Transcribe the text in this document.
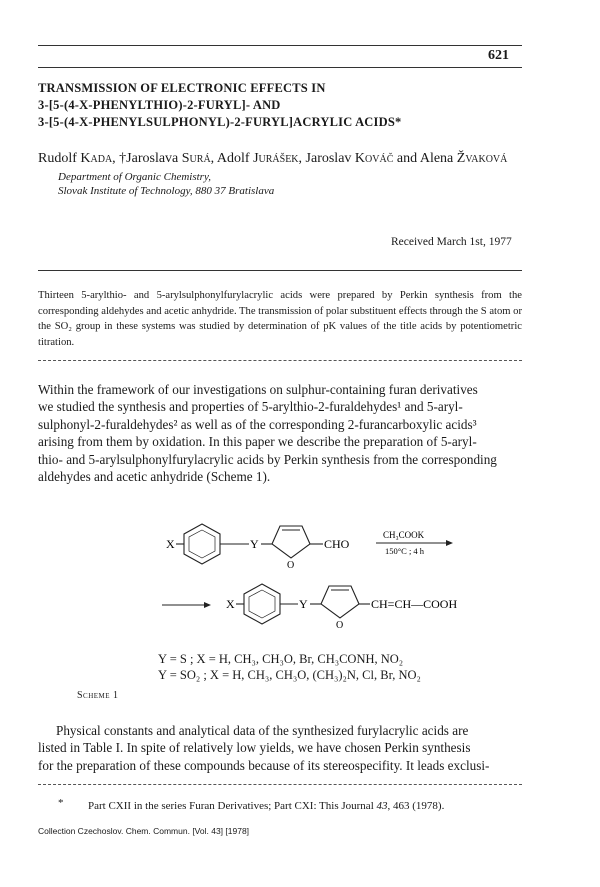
621
TRANSMISSION OF ELECTRONIC EFFECTS IN
3-[5-(4-X-PHENYLTHIO)-2-FURYL]- AND
3-[5-(4-X-PHENYLSULPHONYL)-2-FURYL]ACRYLIC ACIDS*
Rudolf Kada, †Jaroslava Surá, Adolf Jurášek, Jaroslav Kováč and Alena Žvaková
Department of Organic Chemistry,
Slovak Institute of Technology, 880 37 Bratislava
Received March 1st, 1977
Thirteen 5-arylthio- and 5-arylsulphonylfurylacrylic acids were prepared by Perkin synthesis from the corresponding aldehydes and acetic anhydride. The transmission of polar substituent effects through the S atom or the SO₂ group in these systems was studied by determination of pK values of the title acids by potentiometric titration.
Within the framework of our investigations on sulphur-containing furan derivatives
we studied the synthesis and properties of 5-arylthio-2-furaldehydes¹ and 5-aryl-
sulphonyl-2-furaldehydes² as well as of the corresponding 2-furancarboxylic acids³
arising from them by oxidation. In this paper we describe the preparation of 5-aryl-
thio- and 5-arylsulphonylfurylacrylic acids by Perkin synthesis from the corresponding
aldehydes and acetic anhydride (Scheme 1).
X	Y
O
CHO
CH₃COOK
150°C ; 4 h
X	Y
O
CH=CH—COOH
Y = S ; X = H, CH₃, CH₃O, Br, CH₃CONH, NO₂
Y = SO₂ ; X = H, CH₃, CH₃O, (CH₃)₂N, Cl, Br, NO₂
Scheme 1
Physical constants and analytical data of the synthesized furylacrylic acids are
listed in Table I. In spite of relatively low yields, we have chosen Perkin synthesis
for the preparation of these compounds because of its stereospecifity. It leads exclusi-
* Part CXII in the series Furan Derivatives; Part CXI: This Journal 43, 463 (1978).
Collection Czechoslov. Chem. Commun. [Vol. 43] [1978]
